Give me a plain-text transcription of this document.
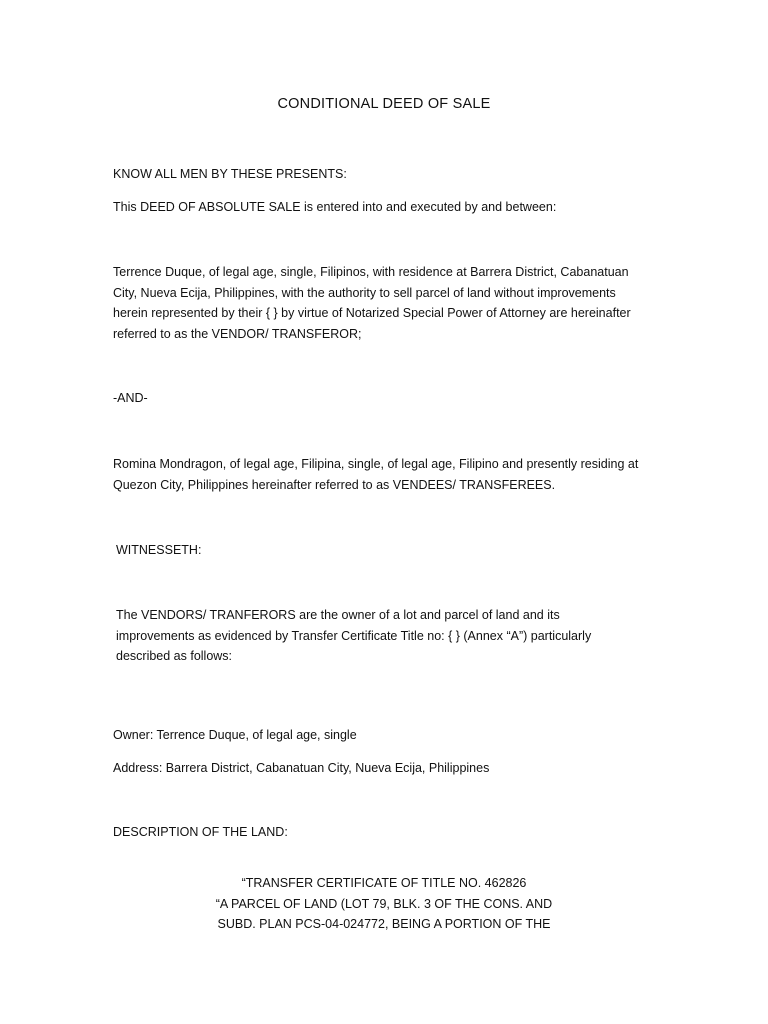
CONDITIONAL DEED OF SALE
KNOW ALL MEN BY THESE PRESENTS:
This DEED OF ABSOLUTE SALE is entered into and executed by and between:
Terrence Duque, of legal age, single, Filipinos, with residence at Barrera District, Cabanatuan City, Nueva Ecija, Philippines, with the authority to sell parcel of land without improvements herein represented by their { } by virtue of Notarized Special Power of Attorney are hereinafter referred to as the VENDOR/ TRANSFEROR;
-AND-
Romina Mondragon, of legal age, Filipina, single, of legal age, Filipino and presently residing at Quezon City, Philippines hereinafter referred to as VENDEES/ TRANSFEREES.
WITNESSETH:
The VENDORS/ TRANFERORS are the owner of a lot and parcel of land and its improvements as evidenced by Transfer Certificate Title no: { } (Annex “A”) particularly described as follows:
Owner: Terrence Duque, of legal age, single
Address: Barrera District, Cabanatuan City, Nueva Ecija, Philippines
DESCRIPTION OF THE LAND:
“TRANSFER CERTIFICATE OF TITLE NO. 462826
“A PARCEL OF LAND (LOT 79, BLK. 3 OF THE CONS. AND
SUBD. PLAN PCS-04-024772, BEING A PORTION OF THE
